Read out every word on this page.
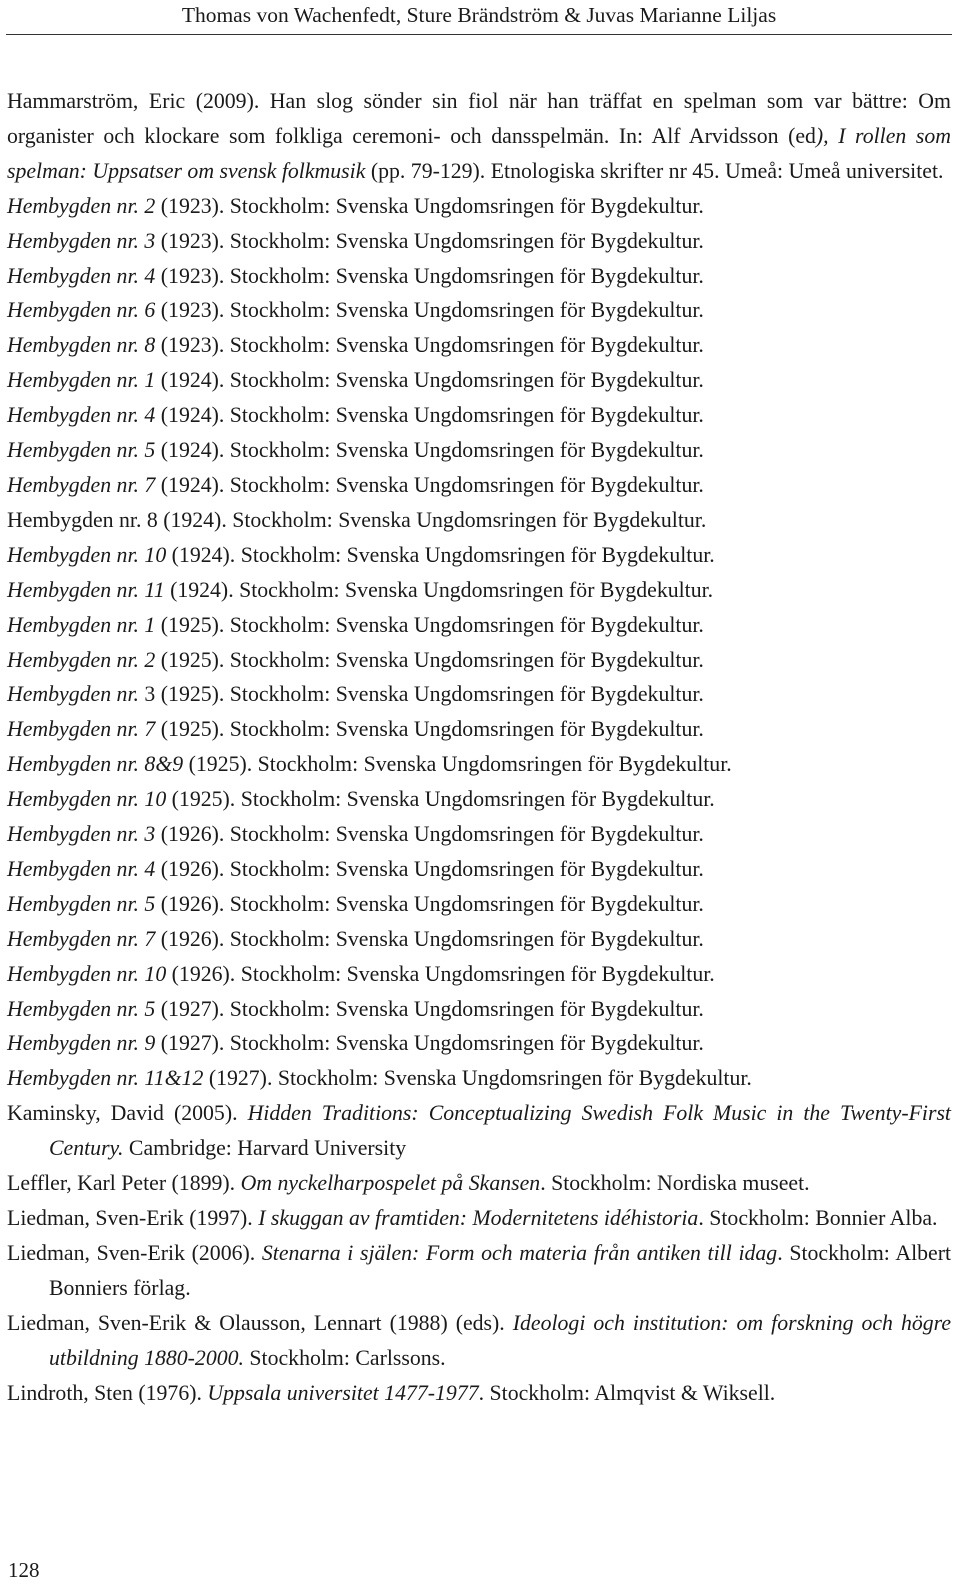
Thomas von Wachenfedt, Sture Brändström & Juvas Marianne Liljas

Hammarström, Eric (2009). Han slog sönder sin fiol när han träffat en spelman som var bättre: Om organister och klockare som folkliga ceremoni- och dansspelmän. In: Alf Arvidsson (ed), I rollen som spelman: Uppsatser om svensk folkmusik (pp. 79-129). Etnologiska skrifter nr 45. Umeå: Umeå universitet.

Hembygden nr. 2 (1923). Stockholm: Svenska Ungdomsringen för Bygdekultur.

Hembygden nr. 3 (1923). Stockholm: Svenska Ungdomsringen för Bygdekultur.

Hembygden nr. 4 (1923). Stockholm: Svenska Ungdomsringen för Bygdekultur.

Hembygden nr. 6 (1923). Stockholm: Svenska Ungdomsringen för Bygdekultur.

Hembygden nr. 8 (1923). Stockholm: Svenska Ungdomsringen för Bygdekultur.

Hembygden nr. 1 (1924). Stockholm: Svenska Ungdomsringen för Bygdekultur.

Hembygden nr. 4 (1924). Stockholm: Svenska Ungdomsringen för Bygdekultur.

Hembygden nr. 5 (1924). Stockholm: Svenska Ungdomsringen för Bygdekultur.

Hembygden nr. 7 (1924). Stockholm: Svenska Ungdomsringen för Bygdekultur.

Hembygden nr. 8 (1924). Stockholm: Svenska Ungdomsringen för Bygdekultur.

Hembygden nr. 10 (1924). Stockholm: Svenska Ungdomsringen för Bygdekultur.

Hembygden nr. 11 (1924). Stockholm: Svenska Ungdomsringen för Bygdekultur.

Hembygden nr. 1 (1925). Stockholm: Svenska Ungdomsringen för Bygdekultur.

Hembygden nr. 2 (1925). Stockholm: Svenska Ungdomsringen för Bygdekultur.

Hembygden nr. 3 (1925). Stockholm: Svenska Ungdomsringen för Bygdekultur.

Hembygden nr. 7 (1925). Stockholm: Svenska Ungdomsringen för Bygdekultur.

Hembygden nr. 8&9 (1925). Stockholm: Svenska Ungdomsringen för Bygdekultur.

Hembygden nr. 10 (1925). Stockholm: Svenska Ungdomsringen för Bygdekultur.

Hembygden nr. 3 (1926). Stockholm: Svenska Ungdomsringen för Bygdekultur.

Hembygden nr. 4 (1926). Stockholm: Svenska Ungdomsringen för Bygdekultur.

Hembygden nr. 5 (1926). Stockholm: Svenska Ungdomsringen för Bygdekultur.

Hembygden nr. 7 (1926). Stockholm: Svenska Ungdomsringen för Bygdekultur.

Hembygden nr. 10 (1926). Stockholm: Svenska Ungdomsringen för Bygdekultur.

Hembygden nr. 5 (1927). Stockholm: Svenska Ungdomsringen för Bygdekultur.

Hembygden nr. 9 (1927). Stockholm: Svenska Ungdomsringen för Bygdekultur.

Hembygden nr. 11&12 (1927). Stockholm: Svenska Ungdomsringen för Bygdekultur.

Kaminsky, David (2005). Hidden Traditions: Conceptualizing Swedish Folk Music in the Twenty-First Century. Cambridge: Harvard University

Leffler, Karl Peter (1899). Om nyckelharpospelet på Skansen. Stockholm: Nordiska museet.

Liedman, Sven-Erik (1997). I skuggan av framtiden: Modernitetens idéhistoria. Stockholm: Bonnier Alba.

Liedman, Sven-Erik (2006). Stenarna i själen: Form och materia från antiken till idag. Stockholm: Albert Bonniers förlag.

Liedman, Sven-Erik & Olausson, Lennart (1988) (eds). Ideologi och institution: om forskning och högre utbildning 1880-2000. Stockholm: Carlssons.

Lindroth, Sten (1976). Uppsala universitet 1477-1977. Stockholm: Almqvist & Wiksell.

128
